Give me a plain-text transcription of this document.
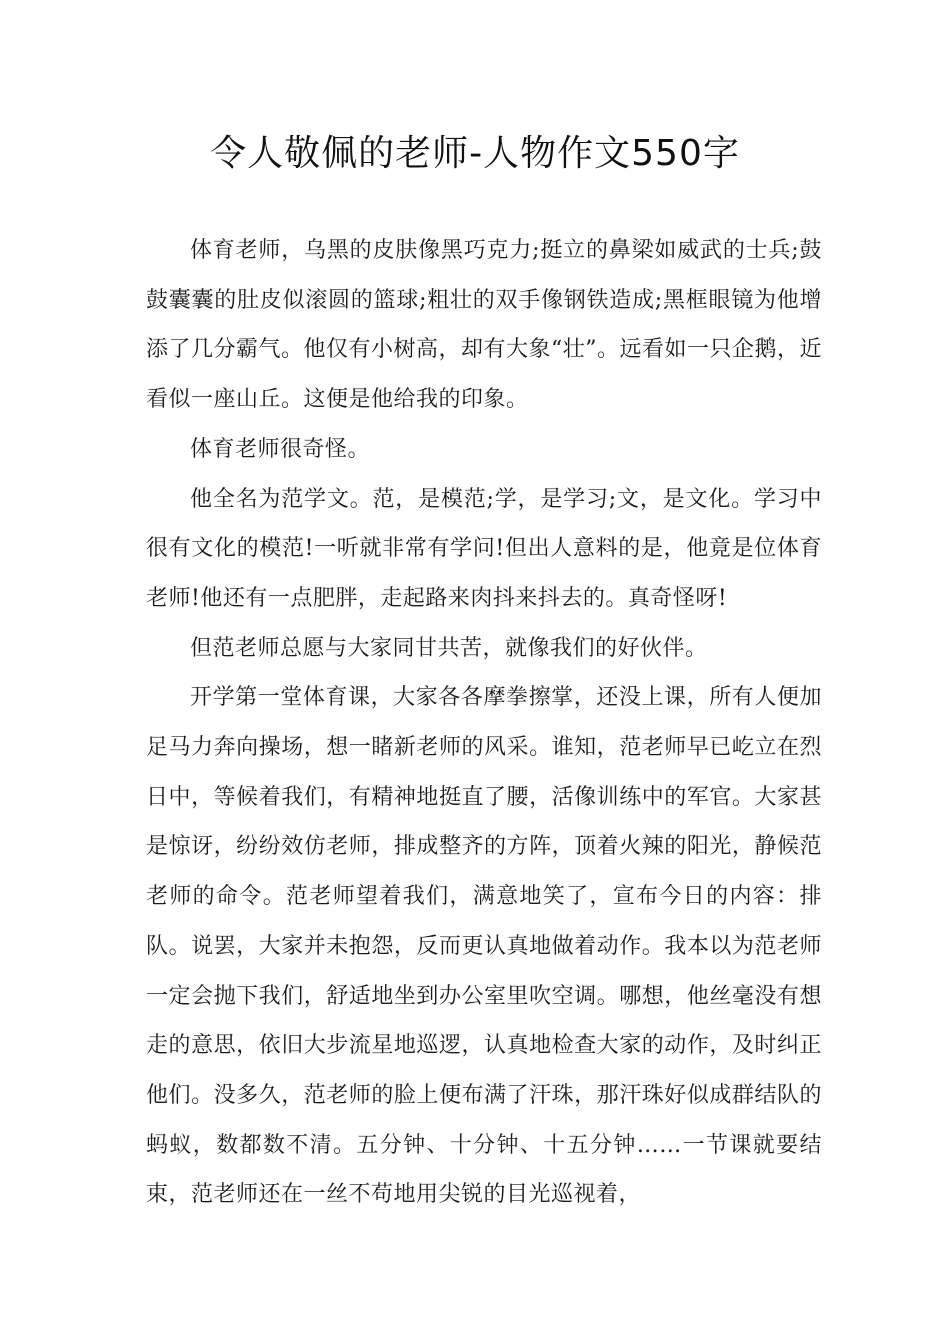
令人敬佩的老师-人物作文550字

体育老师，乌黑的皮肤像黑巧克力;挺立的鼻梁如威武的士兵;鼓鼓囊囊的肚皮似滚圆的篮球;粗壮的双手像钢铁造成;黑框眼镜为他增添了几分霸气。他仅有小树高，却有大象“壮”。远看如一只企鹅，近看似一座山丘。这便是他给我的印象。

体育老师很奇怪。

他全名为范学文。范，是模范;学，是学习;文，是文化。学习中很有文化的模范!一听就非常有学问!但出人意料的是，他竟是位体育老师!他还有一点肥胖，走起路来肉抖来抖去的。真奇怪呀!

但范老师总愿与大家同甘共苦，就像我们的好伙伴。

开学第一堂体育课，大家各各摩拳擦掌，还没上课，所有人便加足马力奔向操场，想一睹新老师的风采。谁知，范老师早已屹立在烈日中，等候着我们，有精神地挺直了腰，活像训练中的军官。大家甚是惊讶，纷纷效仿老师，排成整齐的方阵，顶着火辣的阳光，静候范老师的命令。范老师望着我们，满意地笑了，宣布今日的内容：排队。说罢，大家并未抱怨，反而更认真地做着动作。我本以为范老师一定会抛下我们，舒适地坐到办公室里吹空调。哪想，他丝毫没有想走的意思，依旧大步流星地巡逻，认真地检查大家的动作，及时纠正他们。没多久，范老师的脸上便布满了汗珠，那汗珠好似成群结队的蚂蚁，数都数不清。五分钟、十分钟、十五分钟……一节课就要结束，范老师还在一丝不苟地用尖锐的目光巡视着，
